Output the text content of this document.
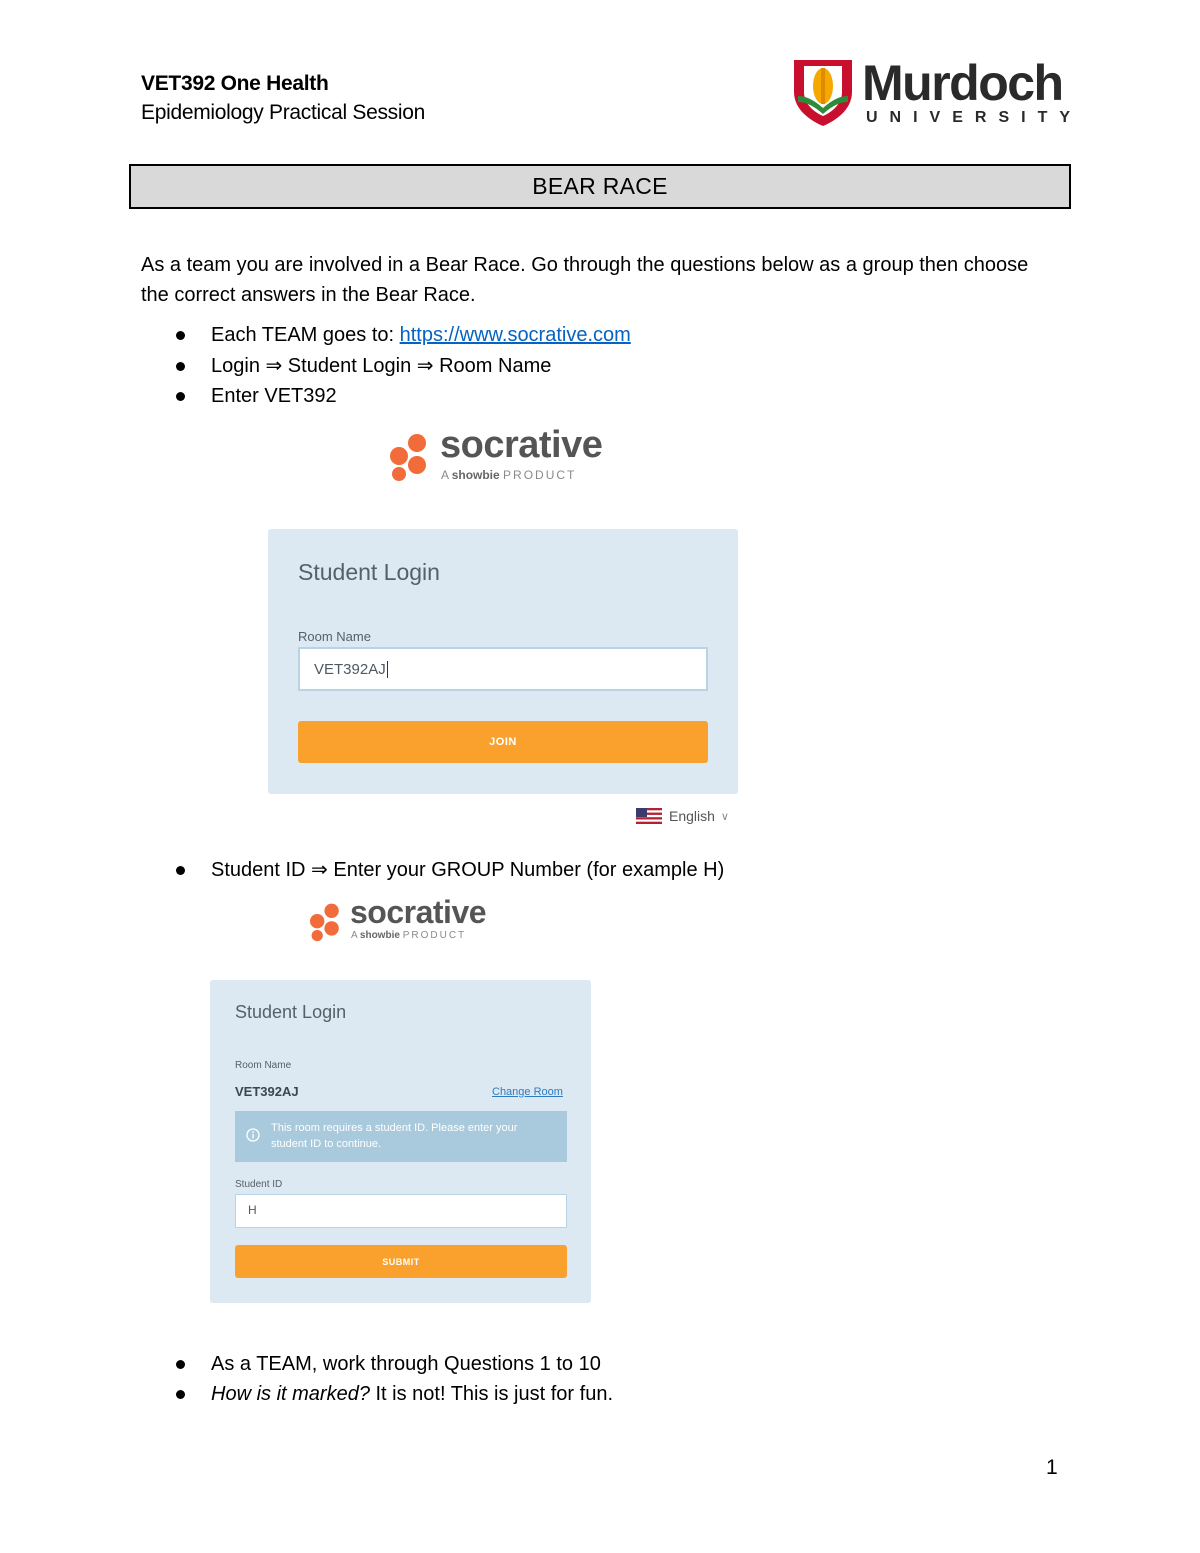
VET392 One Health
Epidemiology Practical Session
Murdoch
UNIVERSITY
BEAR RACE
As a team you are involved in a Bear Race. Go through the questions below as a group then choose the correct answers in the Bear Race.
Each TEAM goes to: https://www.socrative.com
Login ⇒ Student Login ⇒ Room Name
Enter VET392
socrative
A showbie PRODUCT
Student Login
Room Name
VET392AJ
JOIN
English ∨
Student ID ⇒ Enter your GROUP Number (for example H)
socrative
A showbie PRODUCT
Student Login
Room Name
VET392AJ	Change Room
This room requires a student ID. Please enter your student ID to continue.
Student ID
H
SUBMIT
As a TEAM, work through Questions 1 to 10
How is it marked? It is not! This is just for fun.
1
